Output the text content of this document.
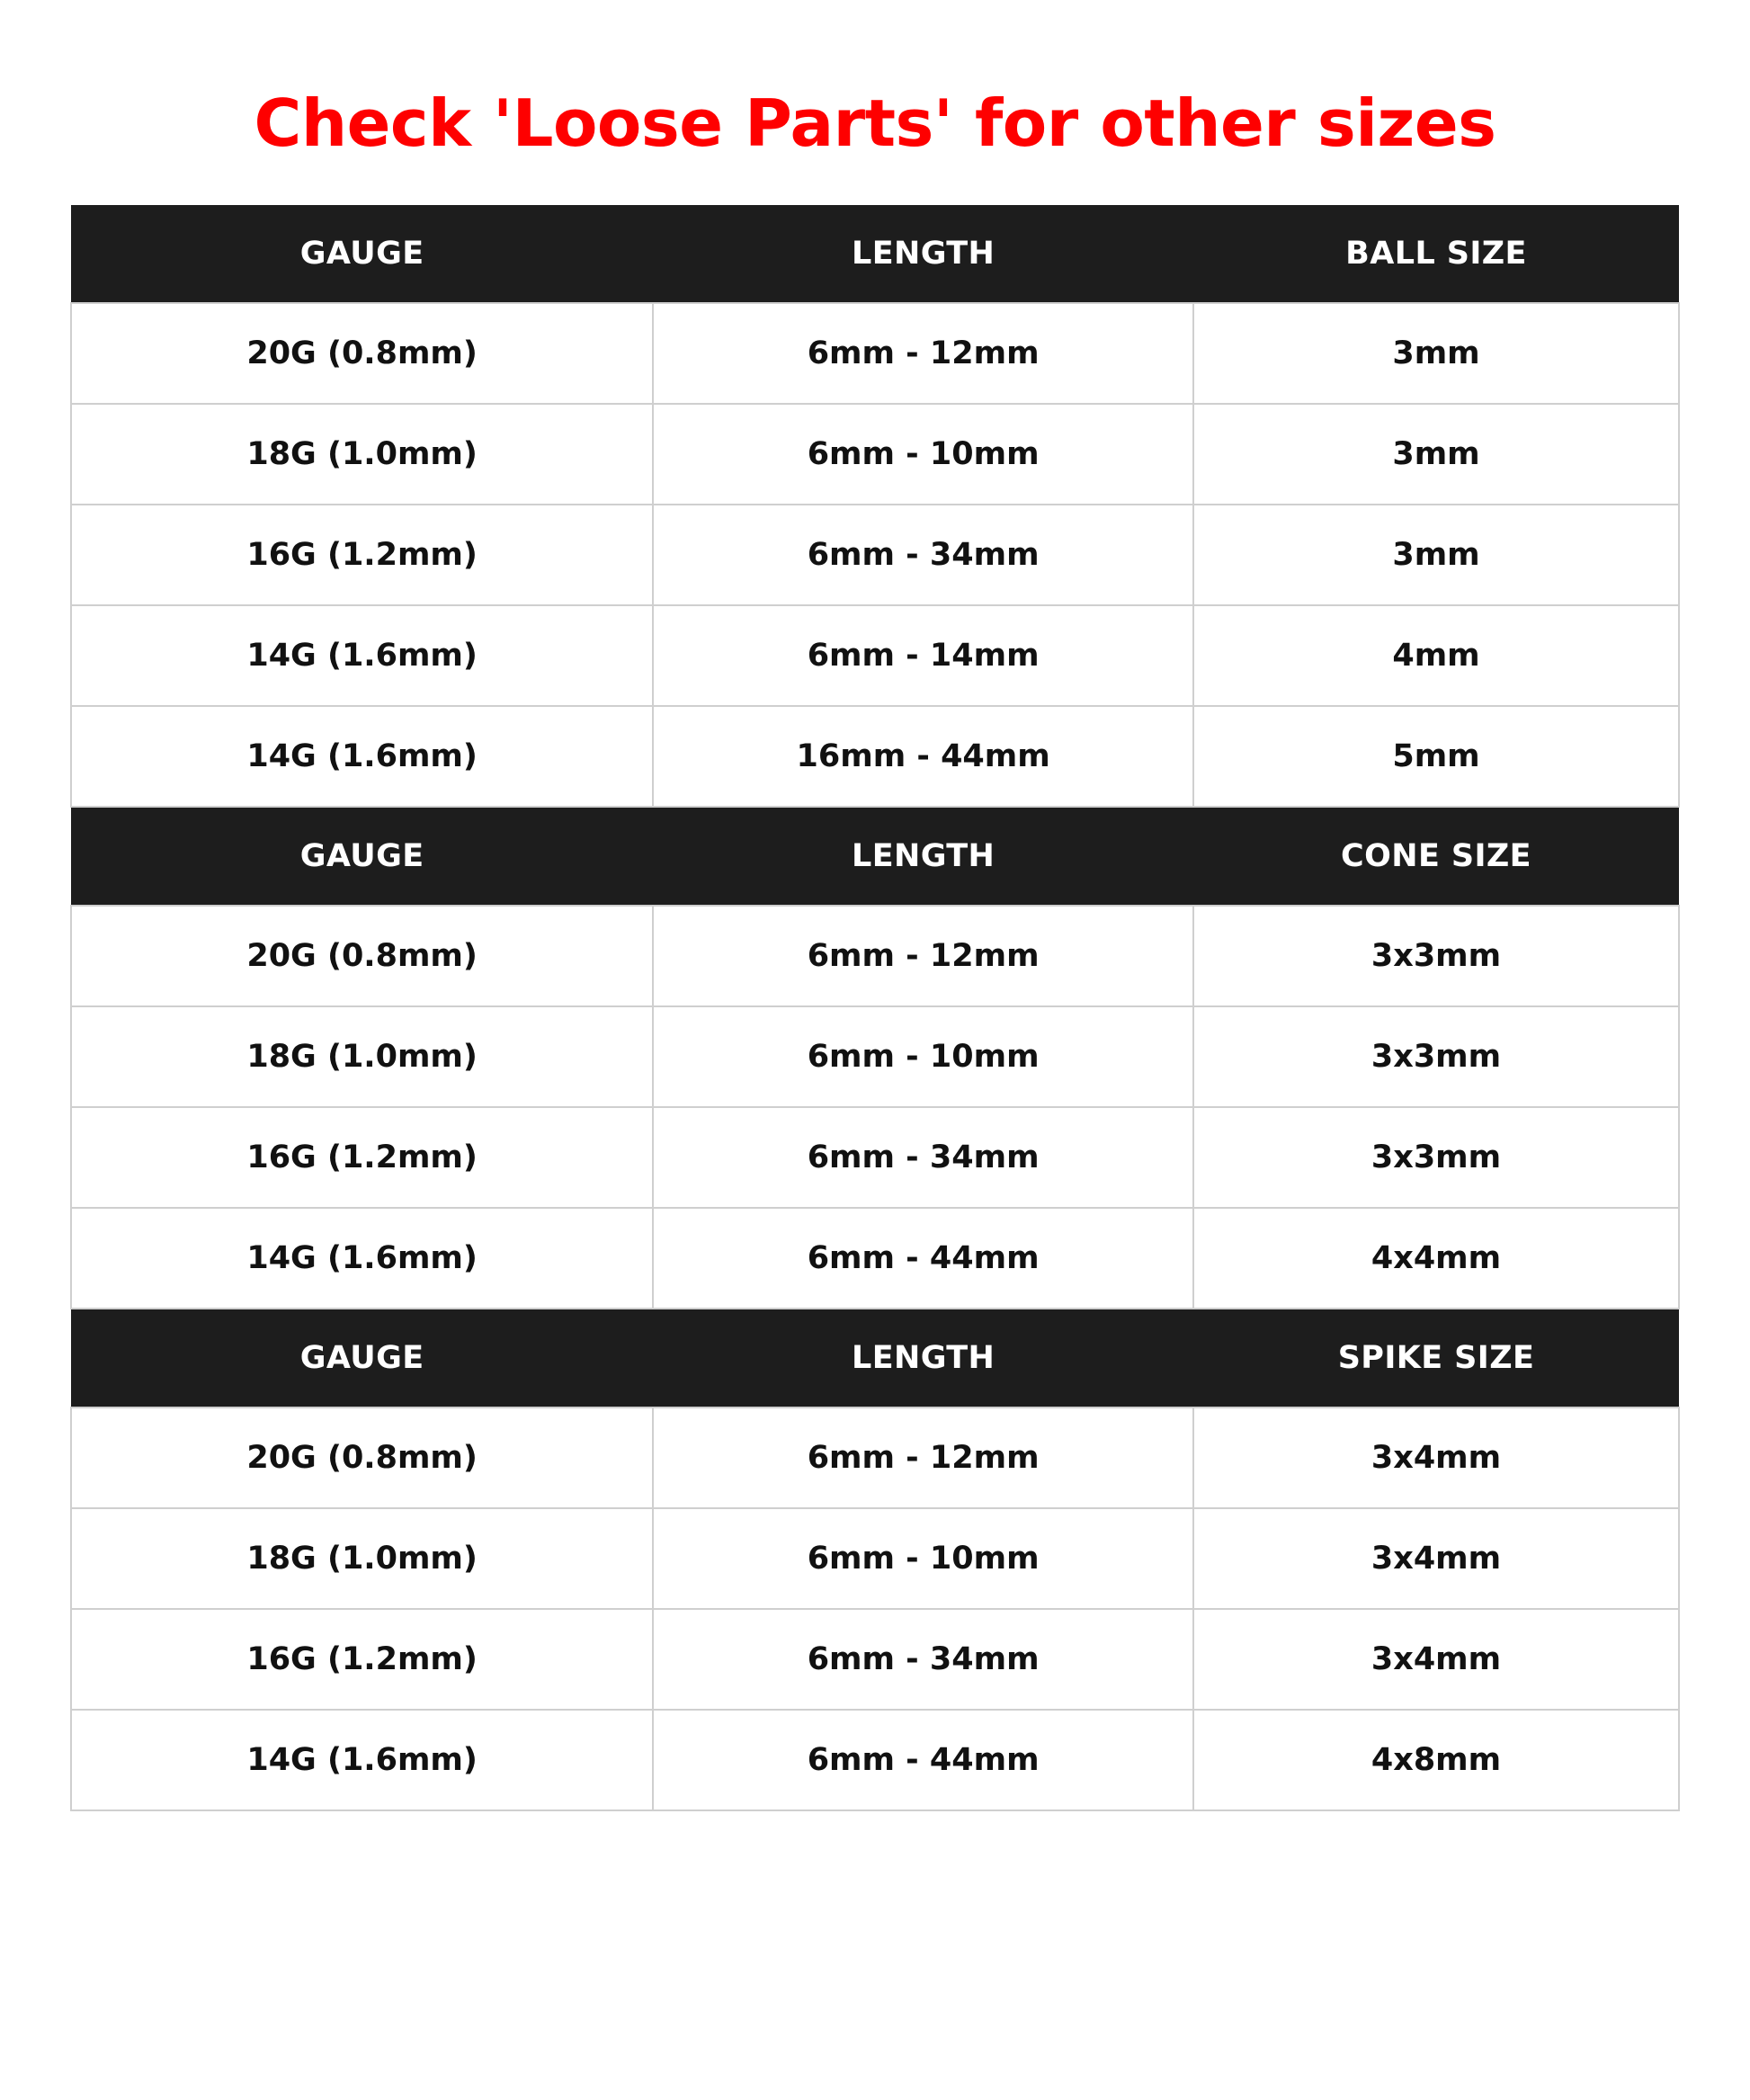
Check 'Loose Parts' for other sizes
GAUGE	LENGTH	BALL SIZE
20G (0.8mm)	6mm - 12mm	3mm
18G (1.0mm)	6mm - 10mm	3mm
16G (1.2mm)	6mm - 34mm	3mm
14G (1.6mm)	6mm - 14mm	4mm
14G (1.6mm)	16mm - 44mm	5mm
GAUGE	LENGTH	CONE SIZE
20G (0.8mm)	6mm - 12mm	3x3mm
18G (1.0mm)	6mm - 10mm	3x3mm
16G (1.2mm)	6mm - 34mm	3x3mm
14G (1.6mm)	6mm - 44mm	4x4mm
GAUGE	LENGTH	SPIKE SIZE
20G (0.8mm)	6mm - 12mm	3x4mm
18G (1.0mm)	6mm - 10mm	3x4mm
16G (1.2mm)	6mm - 34mm	3x4mm
14G (1.6mm)	6mm - 44mm	4x8mm
